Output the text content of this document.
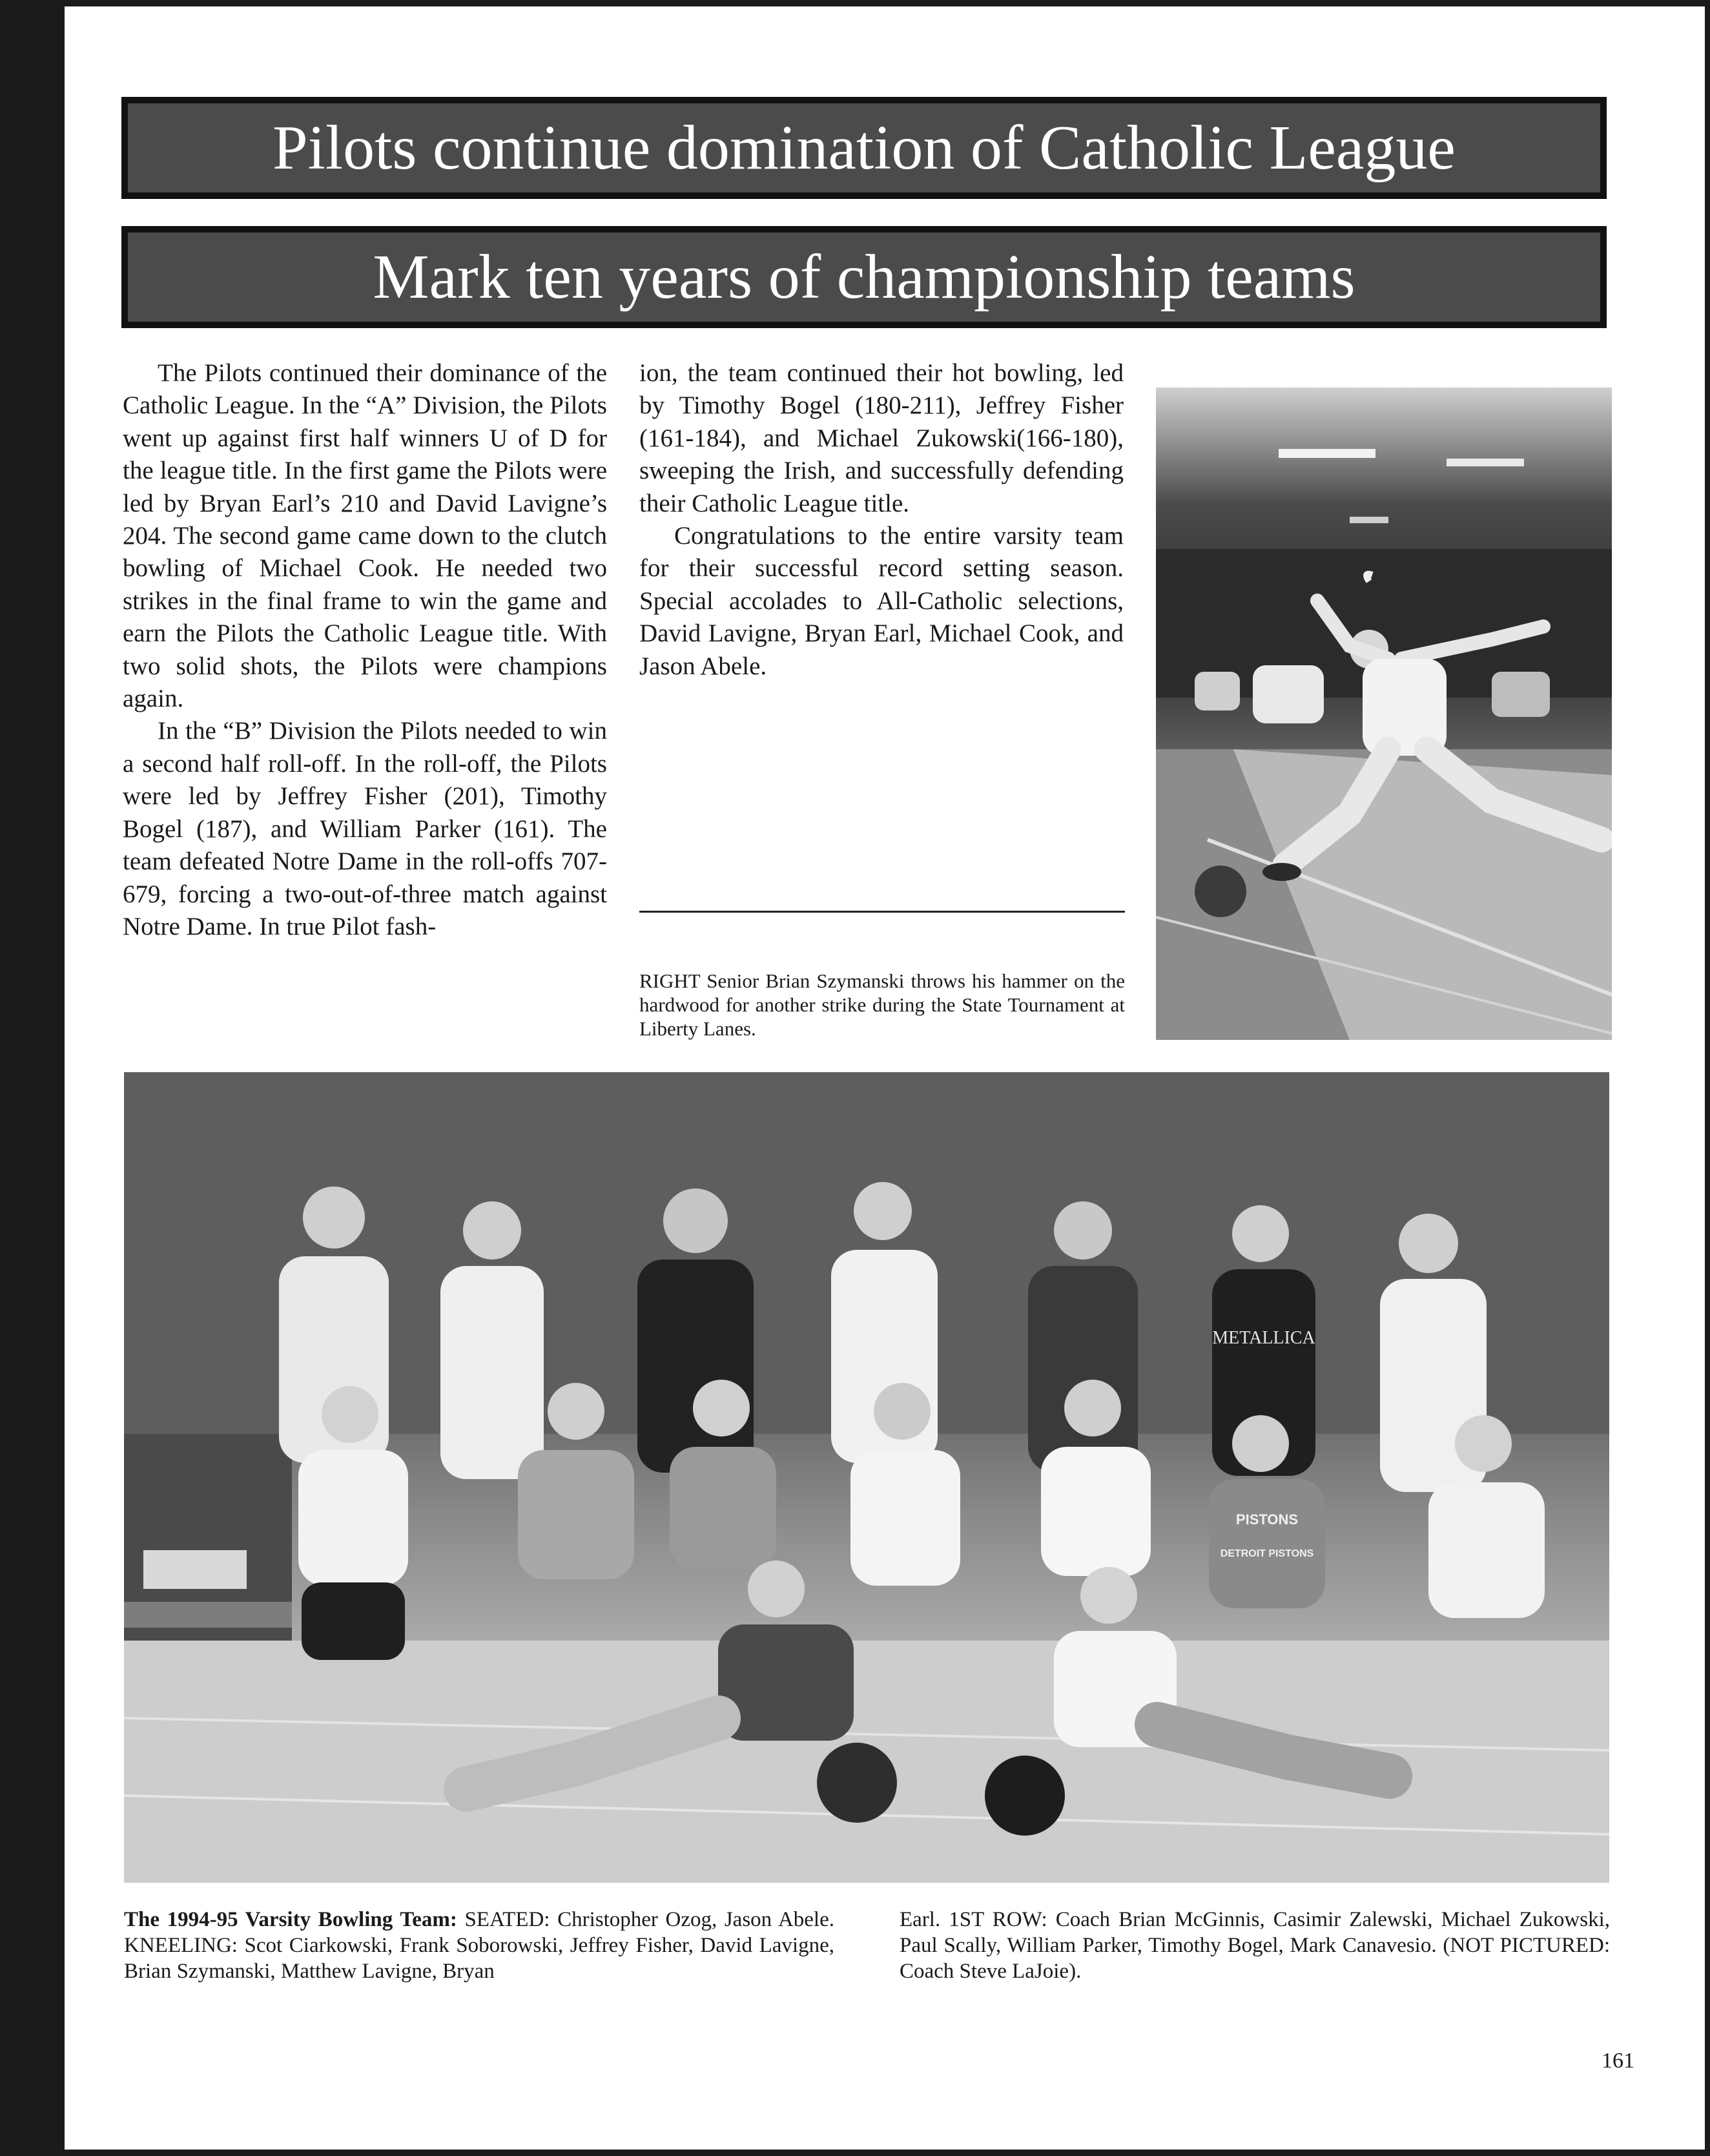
Pilots continue domination of Catholic League
Mark ten years of championship teams

The Pilots continued their dominance of the Catholic League. In the “A” Division, the Pilots went up against first half winners U of D for the league title. In the first game the Pilots were led by Bryan Earl’s 210 and David Lavigne’s 204. The second game came down to the clutch bowling of Michael Cook. He needed two strikes in the final frame to win the game and earn the Pilots the Catholic League title. With two solid shots, the Pilots were champions again.

In the “B” Division the Pilots needed to win a second half roll-off. In the roll-off, the Pilots were led by Jeffrey Fisher (201), Timothy Bogel (187), and William Parker (161). The team defeated Notre Dame in the roll-offs 707-679, forcing a two-out-of-three match against Notre Dame. In true Pilot fash-

ion, the team continued their hot bowling, led by Timothy Bogel (180-211), Jeffrey Fisher (161-184), and Michael Zukowski(166-180), sweeping the Irish, and successfully defending their Catholic League title.

Congratulations to the entire varsity team for their successful record setting season. Special accolades to All-Catholic selections, David Lavigne, Bryan Earl, Michael Cook, and Jason Abele.

RIGHT Senior Brian Szymanski throws his hammer on the hardwood for another strike during the State Tournament at Liberty Lanes.
METALLICA
PISTONS
DETROIT PISTONS
The 1994-95 Varsity Bowling Team: SEATED: Christopher Ozog, Jason Abele. KNEELING: Scot Ciarkowski, Frank Soborowski, Jeffrey Fisher, David Lavigne, Brian Szymanski, Matthew Lavigne, Bryan
Earl. 1ST ROW: Coach Brian McGinnis, Casimir Zalewski, Michael Zukowski, Paul Scally, William Parker, Timothy Bogel, Mark Canavesio. (NOT PICTURED: Coach Steve LaJoie).
161
